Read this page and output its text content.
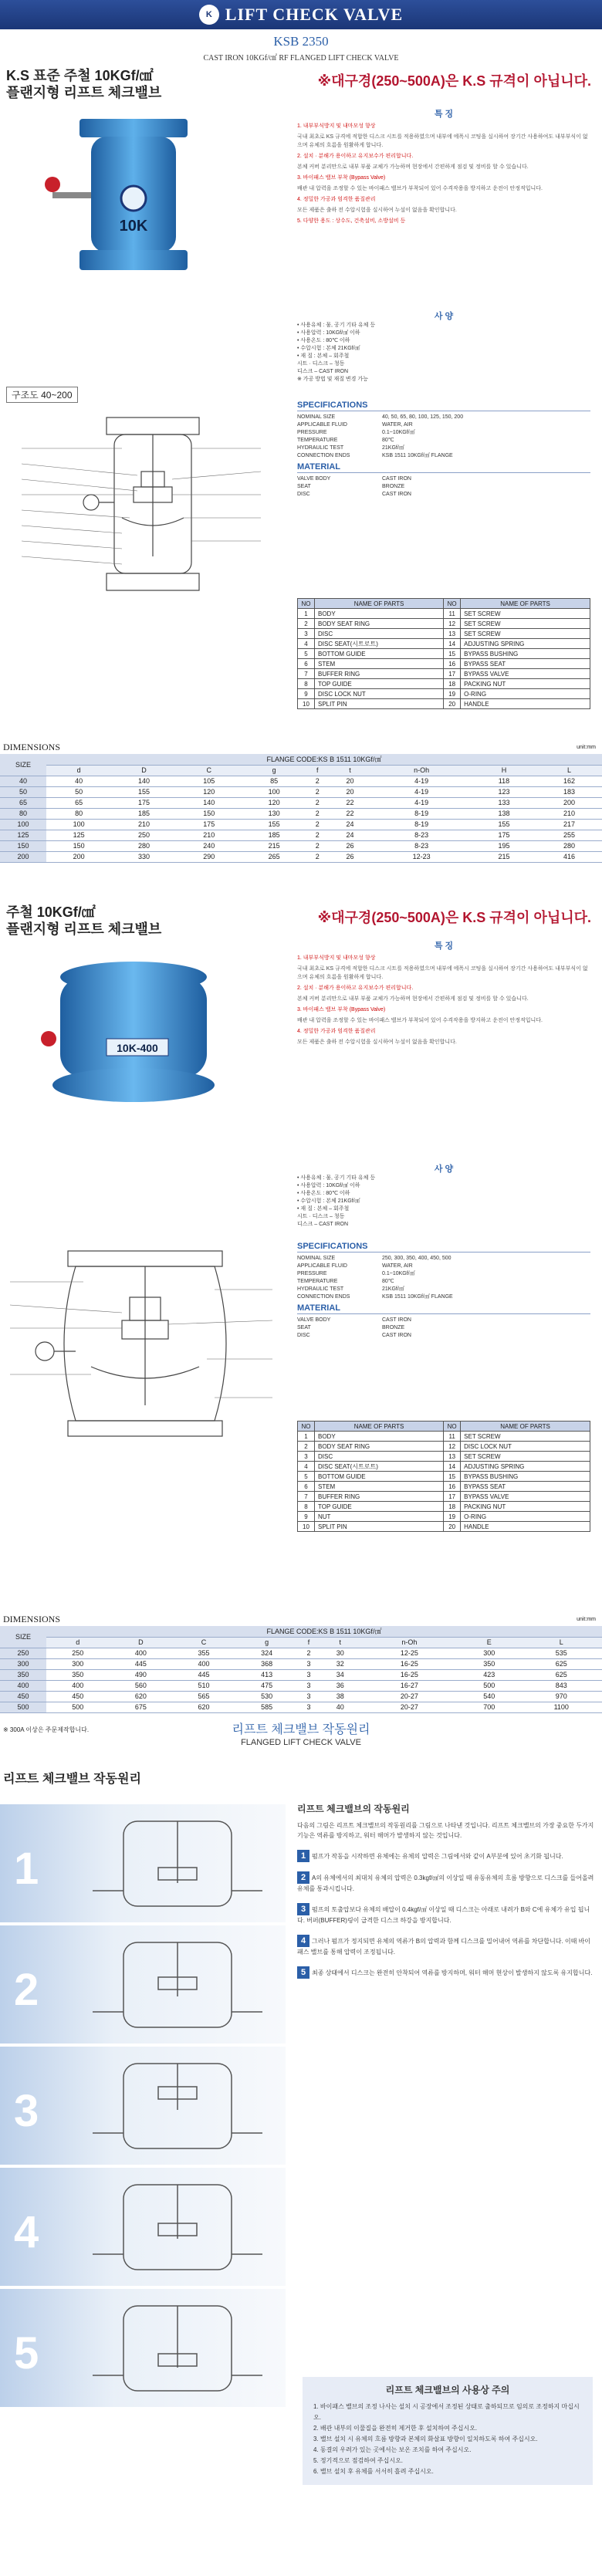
K LIFT CHECK VALVE
KSB 2350
CAST IRON 10KGf/㎠ RF FLANGED LIFT CHECK VALVE
K.S 표준 주철 10KGf/㎠
플랜지형 리프트 체크밸브
※대구경(250~500A)은 K.S 규격이 아닙니다.
10K
특 징

1. 내부부식방지 및 내마모성 향상

국내 최초로 KS 규격에 적합한 디스크 시트를 적용하였으며 내부에 에폭시 코팅을 실시하여 장기간 사용하여도 내부부식이 없으며 유체의 흐름을 원활하게 합니다.

2. 설치 · 분해가 용이하고 유지보수가 편리합니다.

본체 커버 분리만으로 내부 부품 교체가 가능하며 현장에서 간편하게 점검 및 정비를 할 수 있습니다.

3. 바이패스 밸브 부착 (Bypass Valve)

배관 내 압력을 조정할 수 있는 바이패스 밸브가 부착되어 있어 수격작용을 방지하고 운전이 안정적입니다.

4. 정밀한 가공과 엄격한 품질관리

모든 제품은 출하 전 수압시험을 실시하여 누설이 없음을 확인합니다.

5. 다양한 용도 : 상수도, 건축설비, 소방설비 등

사 양
• 사용유체 : 물, 공기 기타 유체 등
• 사용압력 : 10KGf/㎠ 이하
• 사용온도 : 80℃ 이하
• 수압시험 : 본체 21KGf/㎠
• 재 질 : 본체 – 회주철
시트 · 디스크 – 청동
디스크 – CAST IRON
※ 가공 방법 및 재질 변경 가능
SPECIFICATIONS
NOMINAL SIZE	40, 50, 65, 80, 100, 125, 150, 200
APPLICABLE FLUID	WATER, AIR
PRESSURE	0.1~10KGf/㎠
TEMPERATURE	80℃
HYDRAULIC TEST	21KGf/㎠
CONNECTION ENDS	KSB 1511 10KGf/㎠ FLANGE
MATERIAL
VALVE BODY	CAST IRON
SEAT	BRONZE
DISC	CAST IRON
구조도 40~200
NO	NAME OF PARTS	NO	NAME OF PARTS
1	BODY	11	SET SCREW
2	BODY SEAT RING	12	SET SCREW
3	DISC	13	SET SCREW
4	DISC SEAT(시트로트)	14	ADJUSTING SPRING
5	BOTTOM GUIDE	15	BYPASS BUSHING
6	STEM	16	BYPASS SEAT
7	BUFFER RING	17	BYPASS VALVE
8	TOP GUIDE	18	PACKING NUT
9	DISC LOCK NUT	19	O-RING
10	SPLIT PIN	20	HANDLE
DIMENSIONS	unit:mm
SIZE	FLANGE CODE:KS B 1511 10KGf/㎠								
	d	D	C	g	f	t	n-Oh	H	L
40	40	140	105	85	2	20	4-19	118	162
50	50	155	120	100	2	20	4-19	123	183
65	65	175	140	120	2	22	4-19	133	200
80	80	185	150	130	2	22	8-19	138	210
100	100	210	175	155	2	24	8-19	155	217
125	125	250	210	185	2	24	8-23	175	255
150	150	280	240	215	2	26	8-23	195	280
200	200	330	290	265	2	26	12-23	215	416
주철 10KGf/㎠
플랜지형 리프트 체크밸브
※대구경(250~500A)은 K.S 규격이 아닙니다.
10K-400
특 징

1. 내부부식방지 및 내마모성 향상

국내 최초로 KS 규격에 적합한 디스크 시트를 적용하였으며 내부에 에폭시 코팅을 실시하여 장기간 사용하여도 내부부식이 없으며 유체의 흐름을 원활하게 합니다.

2. 설치 · 분해가 용이하고 유지보수가 편리합니다.

본체 커버 분리만으로 내부 부품 교체가 가능하며 현장에서 간편하게 점검 및 정비를 할 수 있습니다.

3. 바이패스 밸브 부착 (Bypass Valve)

배관 내 압력을 조정할 수 있는 바이패스 밸브가 부착되어 있어 수격작용을 방지하고 운전이 안정적입니다.

4. 정밀한 가공과 엄격한 품질관리

모든 제품은 출하 전 수압시험을 실시하여 누설이 없음을 확인합니다.

사 양
• 사용유체 : 물, 공기 기타 유체 등
• 사용압력 : 10KGf/㎠ 이하
• 사용온도 : 80℃ 이하
• 수압시험 : 본체 21KGf/㎠
• 재 질 : 본체 – 회주철
시트 · 디스크 – 청동
디스크 – CAST IRON
SPECIFICATIONS
NOMINAL SIZE	250, 300, 350, 400, 450, 500
APPLICABLE FLUID	WATER, AIR
PRESSURE	0.1~10KGf/㎠
TEMPERATURE	80℃
HYDRAULIC TEST	21KGf/㎠
CONNECTION ENDS	KSB 1511 10KGf/㎠ FLANGE
MATERIAL
VALVE BODY	CAST IRON
SEAT	BRONZE
DISC	CAST IRON
NO	NAME OF PARTS	NO	NAME OF PARTS
1	BODY	11	SET SCREW
2	BODY SEAT RING	12	DISC LOCK NUT
3	DISC	13	SET SCREW
4	DISC SEAT(시트로트)	14	ADJUSTING SPRING
5	BOTTOM GUIDE	15	BYPASS BUSHING
6	STEM	16	BYPASS SEAT
7	BUFFER RING	17	BYPASS VALVE
8	TOP GUIDE	18	PACKING NUT
9	NUT	19	O-RING
10	SPLIT PIN	20	HANDLE
DIMENSIONS	unit:mm
SIZE	FLANGE CODE:KS B 1511 10KGf/㎠								
	d	D	C	g	f	t	n-Oh	E	L
250	250	400	355	324	2	30	12-25	300	535
300	300	445	400	368	3	32	16-25	350	625
350	350	490	445	413	3	34	16-25	423	625
400	400	560	510	475	3	36	16-27	500	843
450	450	620	565	530	3	38	20-27	540	970
500	500	675	620	585	3	40	20-27	700	1100
※ 300A 이상은 주문제작합니다.	리프트 체크밸브 작동원리
FLANGED LIFT CHECK VALVE
리프트 체크밸브 작동원리
1
2
3
4
5
리프트 체크밸브의 작동원리
다음의 그림은 리프트 체크밸브의 작동원리를 그림으로 나타낸 것입니다. 리프트 체크밸브의 가장 중요한 두가지 기능은 역류를 방지하고, 워터 해머가 발생하지 않는 것입니다.
1 펌프가 작동을 시작하면 유체에는 유체의 압력은 그림에서와 같이 A부분에 있어 초기화 됩니다.
2 A의 유체에서의 최대치 유체의 압력은 0.3kgf/㎠의 이상일 때 유동유체의 흐름 방향으로 디스크를 들어올려 유체를 통과시킵니다.
3 펌프의 토출압보다 유체의 배압이 0.4kgf/㎠ 이상일 때 디스크는 아래로 내려가 B와 C에 유체가 유입 됩니다. 버퍼(BUFFER)링이 급격한 디스크 하강을 방지합니다.
4 그러나 펌프가 정지되면 유체의 역류가 B의 압력과 함께 디스크를 밀어내어 역류를 차단합니다. 이때 바이패스 밸브를 통해 압력이 조정됩니다.
5 최종 상태에서 디스크는 완전히 안착되어 역류를 방지하며, 워터 해머 현상이 발생하지 않도록 유지합니다.
리프트 체크밸브의 사용상 주의
1. 바이패스 밸브의 조정 나사는 설치 시 공장에서 조정된 상태로 출하되므로 임의로 조정하지 마십시오.
2. 배관 내부의 이물질을 완전히 제거한 후 설치하여 주십시오.
3. 밸브 설치 시 유체의 흐름 방향과 본체의 화살표 방향이 일치하도록 하여 주십시오.
4. 동결의 우려가 있는 곳에서는 보온 조치를 하여 주십시오.
5. 정기적으로 점검하여 주십시오.
6. 밸브 설치 후 유체를 서서히 흘려 주십시오.
